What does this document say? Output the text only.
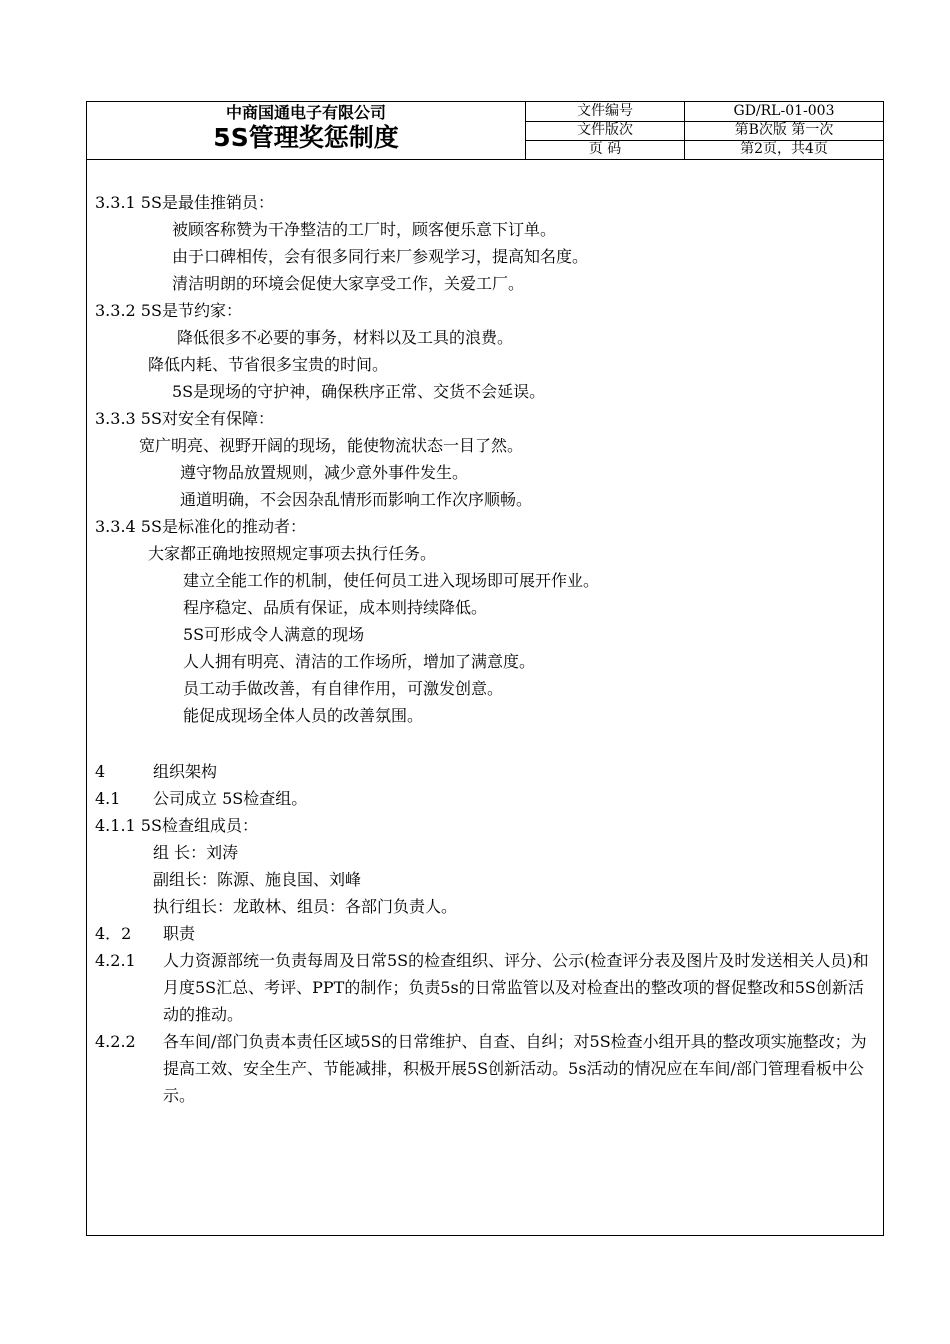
中商国通电子有限公司
5S管理奖惩制度
文件编号	GD/RL-01-003
文件版次	第B次版 第一次
页 码	第2页，共4页
3.3.1 5S是最佳推销员：
被顾客称赞为干净整洁的工厂时，顾客便乐意下订单。
由于口碑相传，会有很多同行来厂参观学习，提高知名度。
清洁明朗的环境会促使大家享受工作，关爱工厂。
3.3.2 5S是节约家：
降低很多不必要的事务，材料以及工具的浪费。
降低内耗、节省很多宝贵的时间。
5S是现场的守护神，确保秩序正常、交货不会延误。
3.3.3 5S对安全有保障：
宽广明亮、视野开阔的现场，能使物流状态一目了然。
遵守物品放置规则，减少意外事件发生。
通道明确，不会因杂乱情形而影响工作次序顺畅。
3.3.4 5S是标准化的推动者：
大家都正确地按照规定事项去执行任务。
建立全能工作的机制，使任何员工进入现场即可展开作业。
程序稳定、品质有保证，成本则持续降低。
5S可形成令人满意的现场
人人拥有明亮、清洁的工作场所，增加了满意度。
员工动手做改善，有自律作用，可激发创意。
能促成现场全体人员的改善氛围。
4	组织架构
4.1 公司成立 5S检查组。
4.1.1 5S检查组成员：
组 长：刘涛
副组长：陈源、施良国、刘峰
执行组长：龙敢林、组员：各部门负责人。
4．2 职责
4.2.1 人力资源部统一负责每周及日常5S的检查组织、评分、公示(检查评分表及图片及时发送相关人员)和月度5S汇总、考评、PPT的制作；负责5s的日常监管以及对检查出的整改项的督促整改和5S创新活动的推动。
4.2.2 各车间/部门负责本责任区域5S的日常维护、自查、自纠；对5S检查小组开具的整改项实施整改；为提高工效、安全生产、节能减排，积极开展5S创新活动。5s活动的情况应在车间/部门管理看板中公示。
